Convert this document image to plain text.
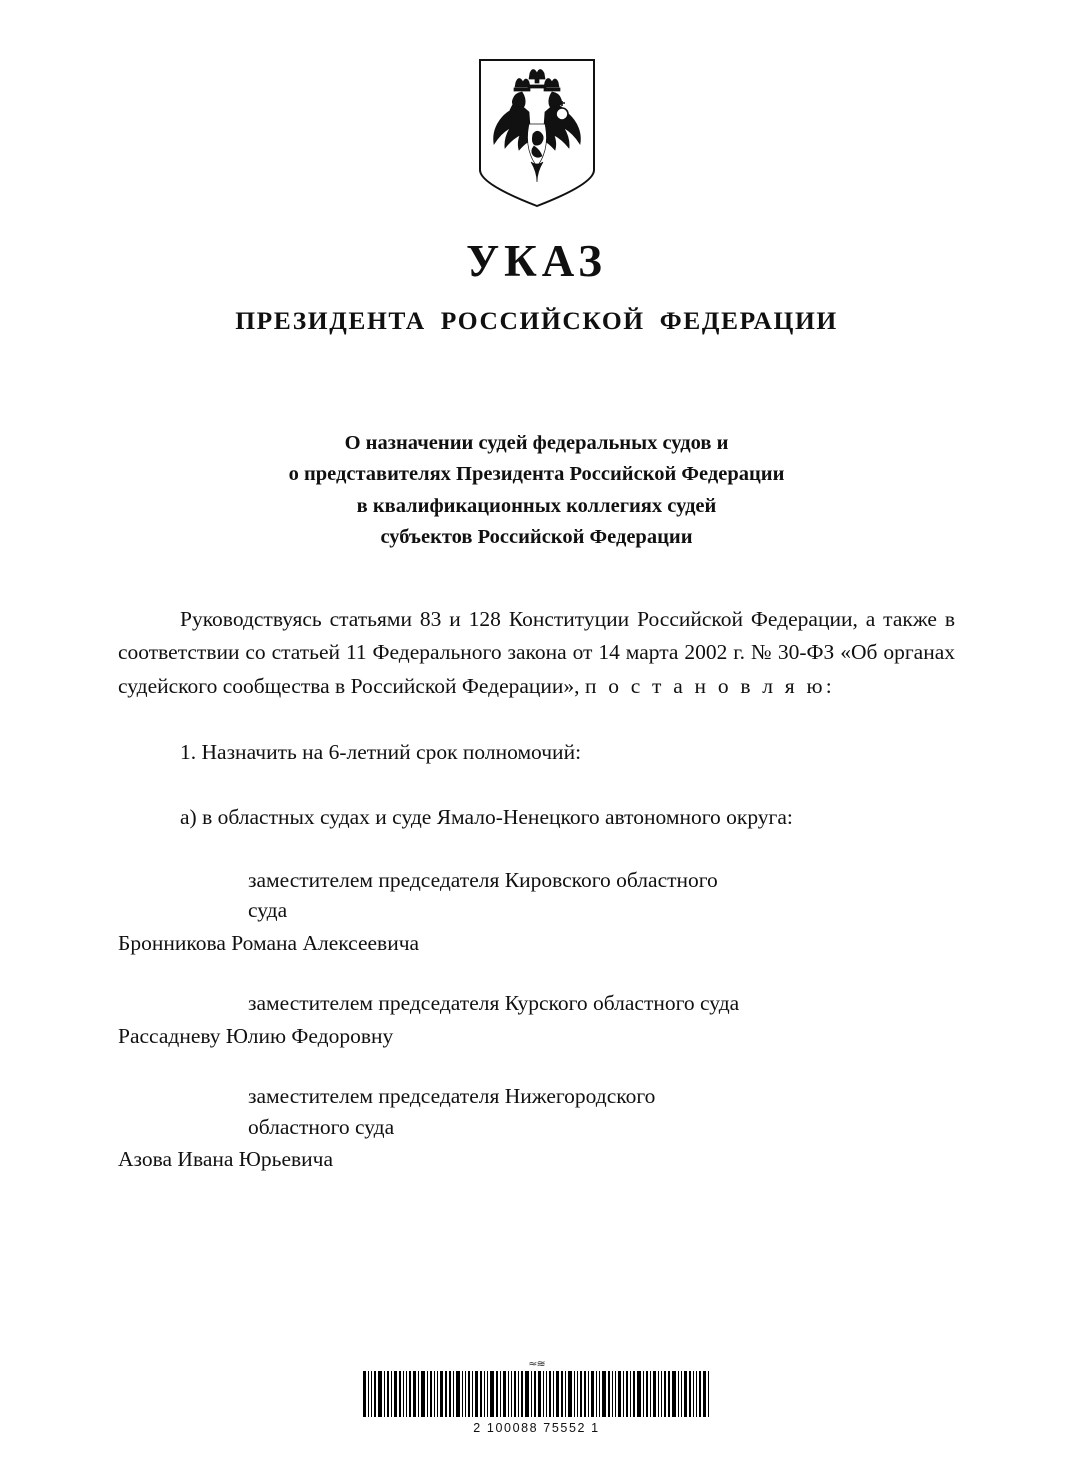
УКАЗ
ПРЕЗИДЕНТА РОССИЙСКОЙ ФЕДЕРАЦИИ
О назначении судей федеральных судов и
о представителях Президента Российской Федерации
в квалификационных коллегиях судей
субъектов Российской Федерации

Руководствуясь статьями 83 и 128 Конституции Российской Федерации, а также в соответствии со статьей 11 Федерального закона от 14 марта 2002 г. № 30-ФЗ «Об органах судейского сообщества в Российской Федерации», п о с т а н о в л я ю:

1. Назначить на 6-летний срок полномочий:

а) в областных судах и суде Ямало-Ненецкого автономного округа:

заместителем председателя Кировского областного
суда
Бронникова Романа Алексеевича
заместителем председателя Курского областного суда
Рассадневу Юлию Федоровну
заместителем председателя Нижегородского
областного суда
Азова Ивана Юрьевича
≈≋
2 100088 75552 1
